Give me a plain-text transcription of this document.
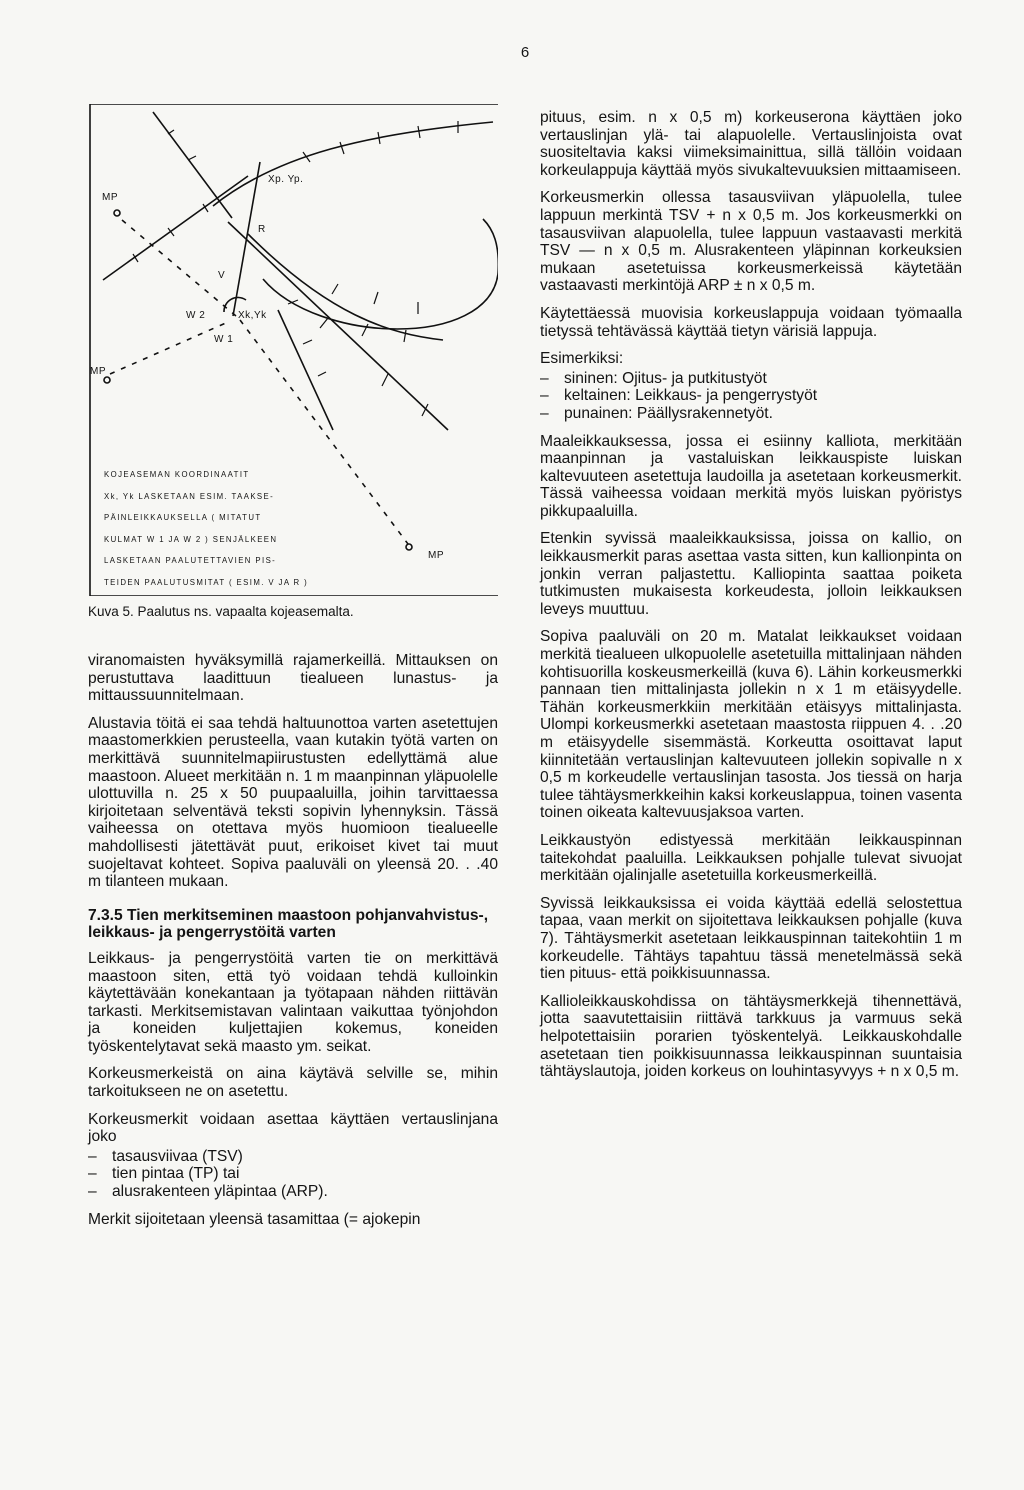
6
MP
MP
MP
Xp. Yp.
R
V
W 2
W 1
Xk,Yk
KOJEASEMAN KOORDINAATIT
Xk, Yk LASKETAAN ESIM. TAAKSE-
PÄINLEIKKAUKSELLA ( MITATUT
KULMAT W 1 JA W 2 ) SENJÄLKEEN
LASKETAAN PAALUTETTAVIEN PIS-
TEIDEN PAALUTUSMITAT ( ESIM. V JA R )
Kuva 5. Paalutus ns. vapaalta kojeasemalta.

viranomaisten hyväksymillä rajamerkeillä. Mittauksen on perustuttava laadittuun tiealueen lunastus- ja mittaussuunnitelmaan.

Alustavia töitä ei saa tehdä haltuunottoa varten asetettujen maastomerkkien perusteella, vaan kutakin työtä varten on merkittävä suunnitelmapiirustusten edellyttämä alue maastoon. Alueet merkitään n. 1 m maanpinnan yläpuolelle ulottuvilla n. 25 x 50 puupaaluilla, joihin tarvittaessa kirjoitetaan selventävä teksti sopivin lyhennyksin. Tässä vaiheessa on otettava myös huomioon tiealueelle mahdollisesti jätettävät puut, erikoiset kivet tai muut suojeltavat kohteet. Sopiva paaluväli on yleensä 20. . .40 m tilanteen mukaan.

7.3.5 Tien merkitseminen maastoon pohjanvahvistus-, leikkaus- ja pengerrystöitä varten

Leikkaus- ja pengerrystöitä varten tie on merkittävä maastoon siten, että työ voidaan tehdä kulloinkin käytettävään konekantaan ja työtapaan nähden riittävän tarkasti. Merkitsemistavan valintaan vaikuttaa työnjohdon ja koneiden kuljettajien kokemus, koneiden työskentelytavat sekä maasto ym. seikat.

Korkeusmerkeistä on aina käytävä selville se, mihin tarkoitukseen ne on asetettu.

Korkeusmerkit voidaan asettaa käyttäen vertauslinjana joko

– tasausviivaa (TSV)
– tien pintaa (TP) tai
– alusrakenteen yläpintaa (ARP).

Merkit sijoitetaan yleensä tasamittaa (= ajokepin

pituus, esim. n x 0,5 m) korkeuserona käyttäen joko vertauslinjan ylä- tai alapuolelle. Vertauslinjoista ovat suositeltavia kaksi viimeksimainittua, sillä tällöin voidaan korkeulappuja käyttää myös sivukaltevuuksien mittaamiseen.

Korkeusmerkin ollessa tasausviivan yläpuolella, tulee lappuun merkintä TSV + n x 0,5 m. Jos korkeusmerkki on tasausviivan alapuolella, tulee lappuun vastaavasti merkitä TSV — n x 0,5 m. Alusrakenteen yläpinnan korkeuksien mukaan asetetuissa korkeusmerkeissä käytetään vastaavasti merkintöjä ARP ± n x 0,5 m.

Käytettäessä muovisia korkeuslappuja voidaan työmaalla tietyssä tehtävässä käyttää tietyn värisiä lappuja.

Esimerkiksi:

– sininen: Ojitus- ja putkitustyöt
– keltainen: Leikkaus- ja pengerrystyöt
– punainen: Päällysrakennetyöt.

Maaleikkauksessa, jossa ei esiinny kalliota, merkitään maanpinnan ja vastaluiskan leikkauspiste luiskan kaltevuuteen asetettuja laudoilla ja asetetaan korkeusmerkit. Tässä vaiheessa voidaan merkitä myös luiskan pyöristys pikkupaaluilla.

Etenkin syvissä maaleikkauksissa, joissa on kallio, on leikkausmerkit paras asettaa vasta sitten, kun kallionpinta on jonkin verran paljastettu. Kalliopinta saattaa poiketa tutkimusten mukaisesta korkeudesta, jolloin leikkauksen leveys muuttuu.

Sopiva paaluväli on 20 m. Matalat leikkaukset voidaan merkitä tiealueen ulkopuolelle asetetuilla mittalinjaan nähden kohtisuorilla koskeusmerkeillä (kuva 6). Lähin korkeusmerkki pannaan tien mittalinjasta jollekin n x 1 m etäisyydelle. Tähän korkeusmerkkiin merkitään etäisyys mittalinjasta. Ulompi korkeusmerkki asetetaan maastosta riippuen 4. . .20 m etäisyydelle sisemmästä. Korkeutta osoittavat laput kiinnitetään vertauslinjan kaltevuuteen jollekin sopivalle n x 0,5 m korkeudelle vertauslinjan tasosta. Jos tiessä on harja tulee tähtäysmerkkeihin kaksi korkeuslappua, toinen vasenta toinen oikeata kaltevuusjaksoa varten.

Leikkaustyön edistyessä merkitään leikkauspinnan taitekohdat paaluilla. Leikkauksen pohjalle tulevat sivuojat merkitään ojalinjalle asetetuilla korkeusmerkeillä.

Syvissä leikkauksissa ei voida käyttää edellä selostettua tapaa, vaan merkit on sijoitettava leikkauksen pohjalle (kuva 7). Tähtäysmerkit asetetaan leikkauspinnan taitekohtiin 1 m korkeudelle. Tähtäys tapahtuu tässä menetelmässä sekä tien pituus- että poikkisuunnassa.

Kallioleikkauskohdissa on tähtäysmerkkejä tihennettävä, jotta saavutettaisiin riittävä tarkkuus ja varmuus sekä helpotettaisiin porarien työskentelyä. Leikkauskohdalle asetetaan tien poikkisuunnassa leikkauspinnan suuntaisia tähtäyslautoja, joiden korkeus on louhintasyvyys + n x 0,5 m.
